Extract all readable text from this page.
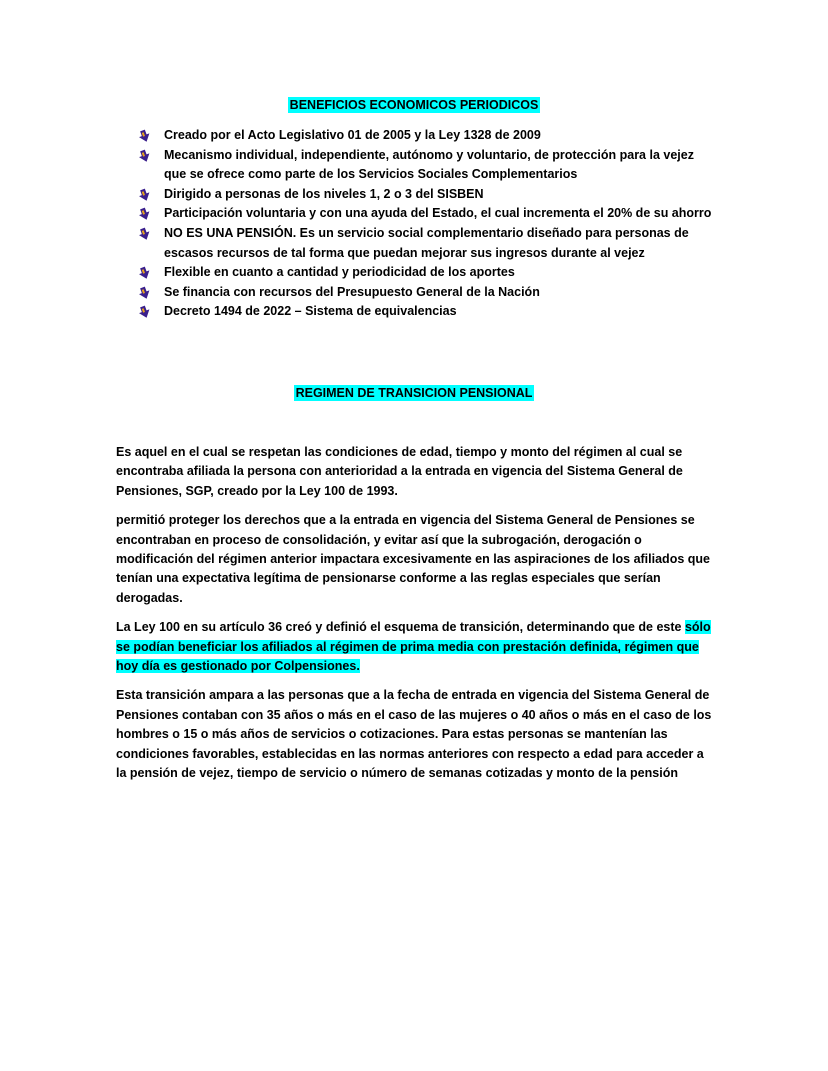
BENEFICIOS ECONOMICOS PERIODICOS
Creado por el Acto Legislativo 01 de 2005 y la Ley 1328 de 2009
Mecanismo individual, independiente, autónomo y voluntario, de protección para la vejez que se ofrece como parte de los Servicios Sociales Complementarios
Dirigido a personas de los niveles 1, 2 o 3 del SISBEN
Participación voluntaria y con una ayuda del Estado, el cual incrementa el 20% de su ahorro
NO ES UNA PENSIÓN. Es un servicio social complementario diseñado para personas de escasos recursos de tal forma que puedan mejorar sus ingresos durante al vejez
Flexible en cuanto a cantidad y periodicidad de los aportes
Se financia con recursos del Presupuesto General de la Nación
Decreto 1494 de 2022 – Sistema de equivalencias
REGIMEN DE TRANSICION PENSIONAL

Es aquel en el cual se respetan las condiciones de edad, tiempo y monto del régimen al cual se encontraba afiliada la persona con anterioridad a la entrada en vigencia del Sistema General de Pensiones, SGP, creado por la Ley 100 de 1993.

permitió proteger los derechos que a la entrada en vigencia del Sistema General de Pensiones se encontraban en proceso de consolidación, y evitar así que la subrogación, derogación o modificación del régimen anterior impactara excesivamente en las aspiraciones de los afiliados que tenían una expectativa legítima de pensionarse conforme a las reglas especiales que serían derogadas.

La Ley 100 en su artículo 36 creó y definió el esquema de transición, determinando que de este sólo se podían beneficiar los afiliados al régimen de prima media con prestación definida, régimen que hoy día es gestionado por Colpensiones.

Esta transición ampara a las personas que a la fecha de entrada en vigencia del Sistema General de Pensiones contaban con 35 años o más en el caso de las mujeres o 40 años o más en el caso de los hombres o 15 o más años de servicios o cotizaciones. Para estas personas se mantenían las condiciones favorables, establecidas en las normas anteriores con respecto a edad para acceder a la pensión de vejez, tiempo de servicio o número de semanas cotizadas y monto de la pensión
